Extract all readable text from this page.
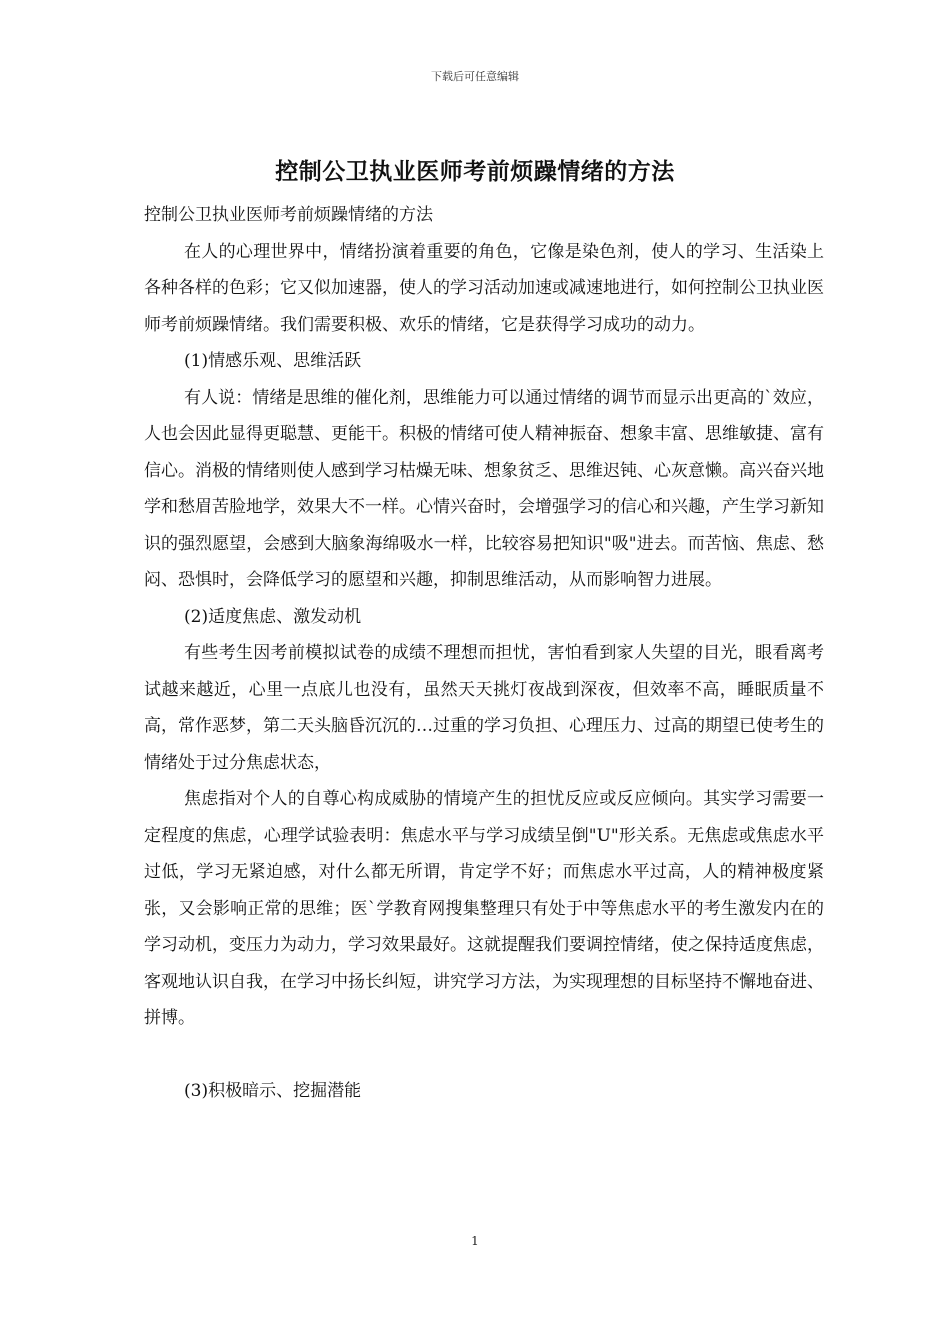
下载后可任意编辑
控制公卫执业医师考前烦躁情绪的方法

控制公卫执业医师考前烦躁情绪的方法

在人的心理世界中，情绪扮演着重要的角色，它像是染色剂，使人的学习、生活染上各种各样的色彩；它又似加速器，使人的学习活动加速或减速地进行，如何控制公卫执业医师考前烦躁情绪。我们需要积极、欢乐的情绪，它是获得学习成功的动力。

(1)情感乐观、思维活跃

有人说：情绪是思维的催化剂，思维能力可以通过情绪的调节而显示出更高的`效应，人也会因此显得更聪慧、更能干。积极的情绪可使人精神振奋、想象丰富、思维敏捷、富有信心。消极的情绪则使人感到学习枯燥无味、想象贫乏、思维迟钝、心灰意懒。高兴奋兴地学和愁眉苦脸地学，效果大不一样。心情兴奋时，会增强学习的信心和兴趣，产生学习新知识的强烈愿望，会感到大脑象海绵吸水一样，比较容易把知识"吸"进去。而苦恼、焦虑、愁闷、恐惧时，会降低学习的愿望和兴趣，抑制思维活动，从而影响智力进展。

(2)适度焦虑、激发动机

有些考生因考前模拟试卷的成绩不理想而担忧，害怕看到家人失望的目光，眼看离考试越来越近，心里一点底儿也没有，虽然天天挑灯夜战到深夜，但效率不高，睡眠质量不高，常作恶梦，第二天头脑昏沉沉的…过重的学习负担、心理压力、过高的期望已使考生的情绪处于过分焦虑状态，

焦虑指对个人的自尊心构成威胁的情境产生的担忧反应或反应倾向。其实学习需要一定程度的焦虑，心理学试验表明：焦虑水平与学习成绩呈倒"U"形关系。无焦虑或焦虑水平过低，学习无紧迫感，对什么都无所谓，肯定学不好；而焦虑水平过高，人的精神极度紧张，又会影响正常的思维；医`学教育网搜集整理只有处于中等焦虑水平的考生激发内在的学习动机，变压力为动力，学习效果最好。这就提醒我们要调控情绪，使之保持适度焦虑，客观地认识自我，在学习中扬长纠短，讲究学习方法，为实现理想的目标坚持不懈地奋进、拼博。

(3)积极暗示、挖掘潜能

1
